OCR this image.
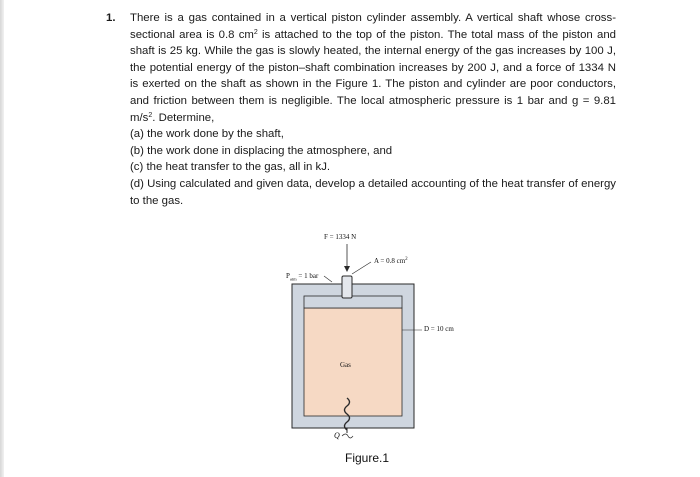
1. There is a gas contained in a vertical piston cylinder assembly. A vertical shaft whose cross-sectional area is 0.8 $cm^2$ is attached to the top of the piston. The total mass of the piston and shaft is 25 kg. While the gas is slowly heated, the internal energy of the gas increases by 100 J, the potential energy of the piston–shaft combination increases by 200 J, and a force of 1334 N is exerted on the shaft as shown in the Figure 1. The piston and cylinder are poor conductors, and friction between them is negligible. The local atmospheric pressure is 1 bar and g = 9.81 $m/s^2$. Determine,

(a) the work done by the shaft,

(b) the work done in displacing the atmosphere, and

(c) the heat transfer to the gas, all in kJ.

(d) Using calculated and given data, develop a detailed accounting of the heat transfer of energy to the gas.

F = 1334 N
A = 0.8 $cm^2$
$P_{atm} = 1$ bar
D = 10 cm
Gas
Q
Figure.1
